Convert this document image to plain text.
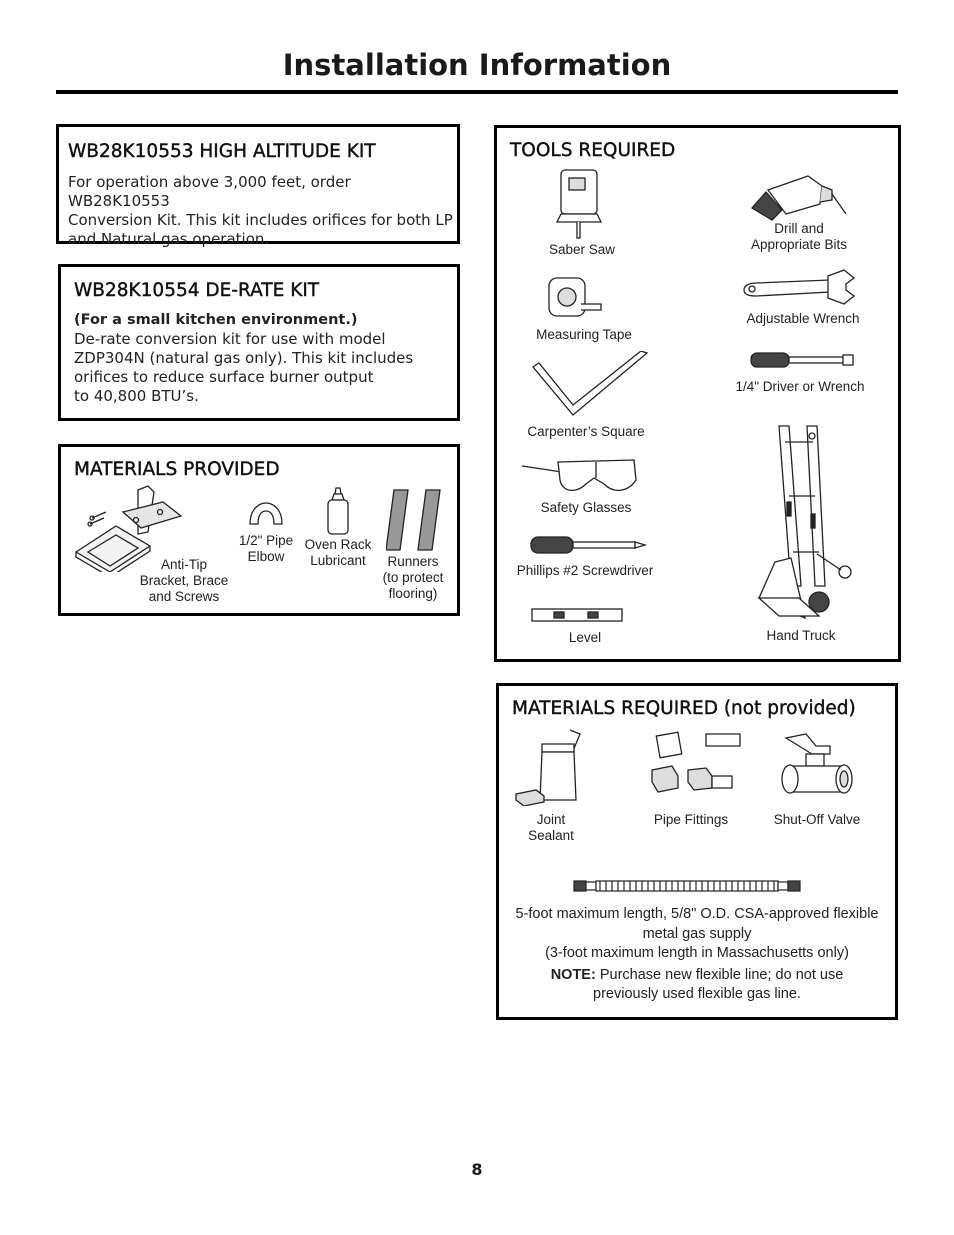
Installation Information
WB28K10553 HIGH ALTITUDE KIT
For operation above 3,000 feet, order WB28K10553
Conversion Kit. This kit includes orifices for both LP
and Natural gas operation.
WB28K10554 DE-RATE KIT
(For a small kitchen environment.)
De-rate conversion kit for use with model
ZDP304N (natural gas only). This kit includes
orifices to reduce surface burner output
to 40,800 BTU’s.
MATERIALS PROVIDED
Anti-Tip
Bracket, Brace
and Screws
1/2" Pipe
Elbow
Oven Rack
Lubricant	Runners
(to protect
flooring)
TOOLS REQUIRED
Saber Saw
Drill and
Appropriate Bits
Measuring Tape
Adjustable Wrench
1/4" Driver or Wrench
Carpenter’s Square
Hand Truck
Safety Glasses
Phillips #2 Screwdriver
Level
MATERIALS REQUIRED (not provided)
Joint
Sealant
Pipe Fittings	Shut-Off Valve
5-foot maximum length, 5/8" O.D. CSA-approved flexible
metal gas supply
(3-foot maximum length in Massachusetts only)
NOTE: Purchase new flexible line; do not use
previously used flexible gas line.
8
